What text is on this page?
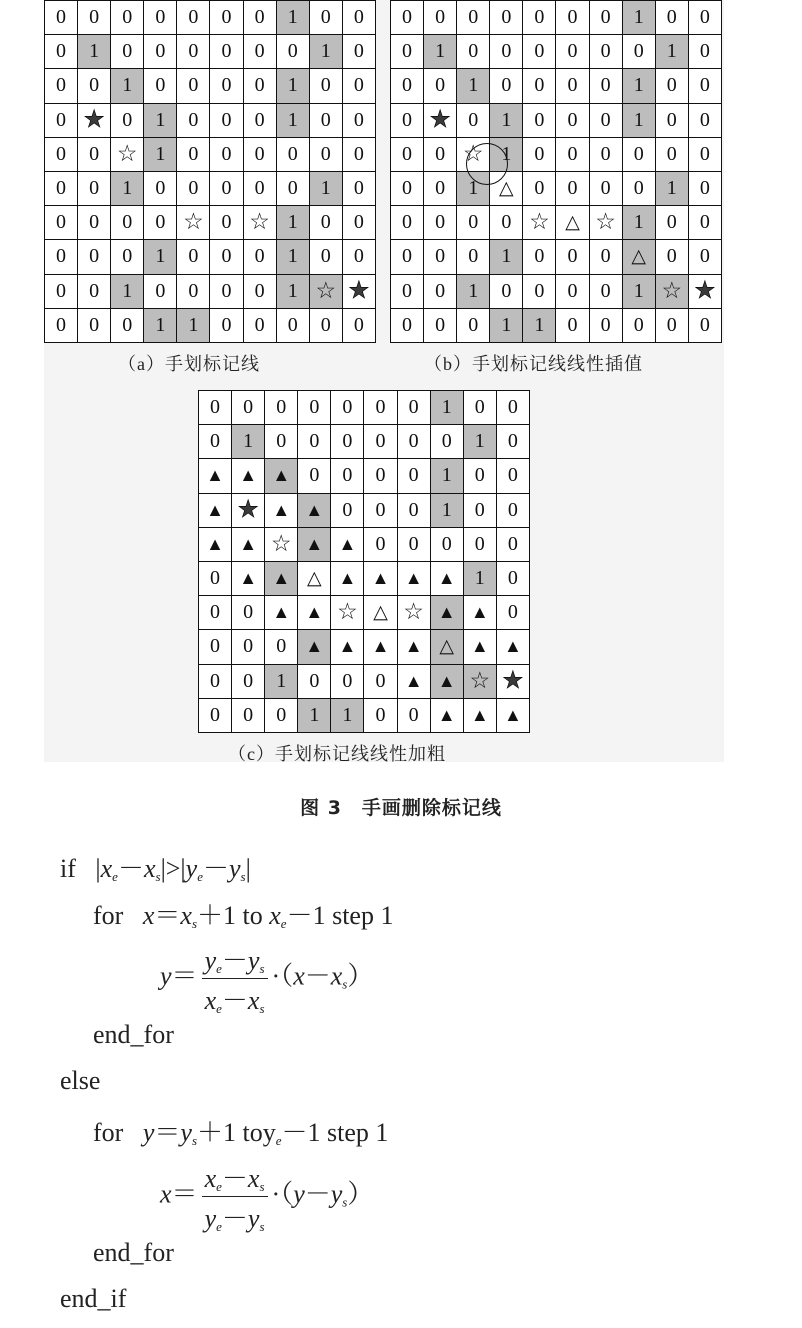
0	0	0	0	0	0	0	1	0	0
0	1	0	0	0	0	0	0	1	0
0	0	1	0	0	0	0	1	0	0
0	★	0	1	0	0	0	1	0	0
0	0	☆	1	0	0	0	0	0	0
0	0	1	0	0	0	0	0	1	0
0	0	0	0	☆	0	☆	1	0	0
0	0	0	1	0	0	0	1	0	0
0	0	1	0	0	0	0	1	☆	★
0	0	0	1	1	0	0	0	0	0
0	0	0	0	0	0	0	1	0	0
0	1	0	0	0	0	0	0	1	0
0	0	1	0	0	0	0	1	0	0
0	★	0	1	0	0	0	1	0	0
0	0	☆	1	0	0	0	0	0	0
0	0	1	△	0	0	0	0	1	0
0	0	0	0	☆	△	☆	1	0	0
0	0	0	1	0	0	0	△	0	0
0	0	1	0	0	0	0	1	☆	★
0	0	0	1	1	0	0	0	0	0
0	0	0	0	0	0	0	1	0	0
0	1	0	0	0	0	0	0	1	0
▲	▲	▲	0	0	0	0	1	0	0
▲	★	▲	▲	0	0	0	1	0	0
▲	▲	☆	▲	▲	0	0	0	0	0
0	▲	▲	△	▲	▲	▲	▲	1	0
0	0	▲	▲	☆	△	☆	▲	▲	0
0	0	0	▲	▲	▲	▲	△	▲	▲
0	0	1	0	0	0	▲	▲	☆	★
0	0	0	1	1	0	0	▲	▲	▲
（a）手划标记线	（b）手划标记线线性插值
（c）手划标记线线性加粗
图 3　手画删除标记线
if   $|x_e-x_s|>|y_e-y_s|$
for $x=x_s+1$ to $x_e-1$ step 1
$y= \frac{y_e-y_s}{x_e-x_s} \cdot(x-x_s)$
end_for
else
for $y=y_s+1$ toy$_e$－1 step 1
$x= \frac{x_e-x_s}{y_e-y_s} \cdot(y-y_s)$
end_for
end_if
